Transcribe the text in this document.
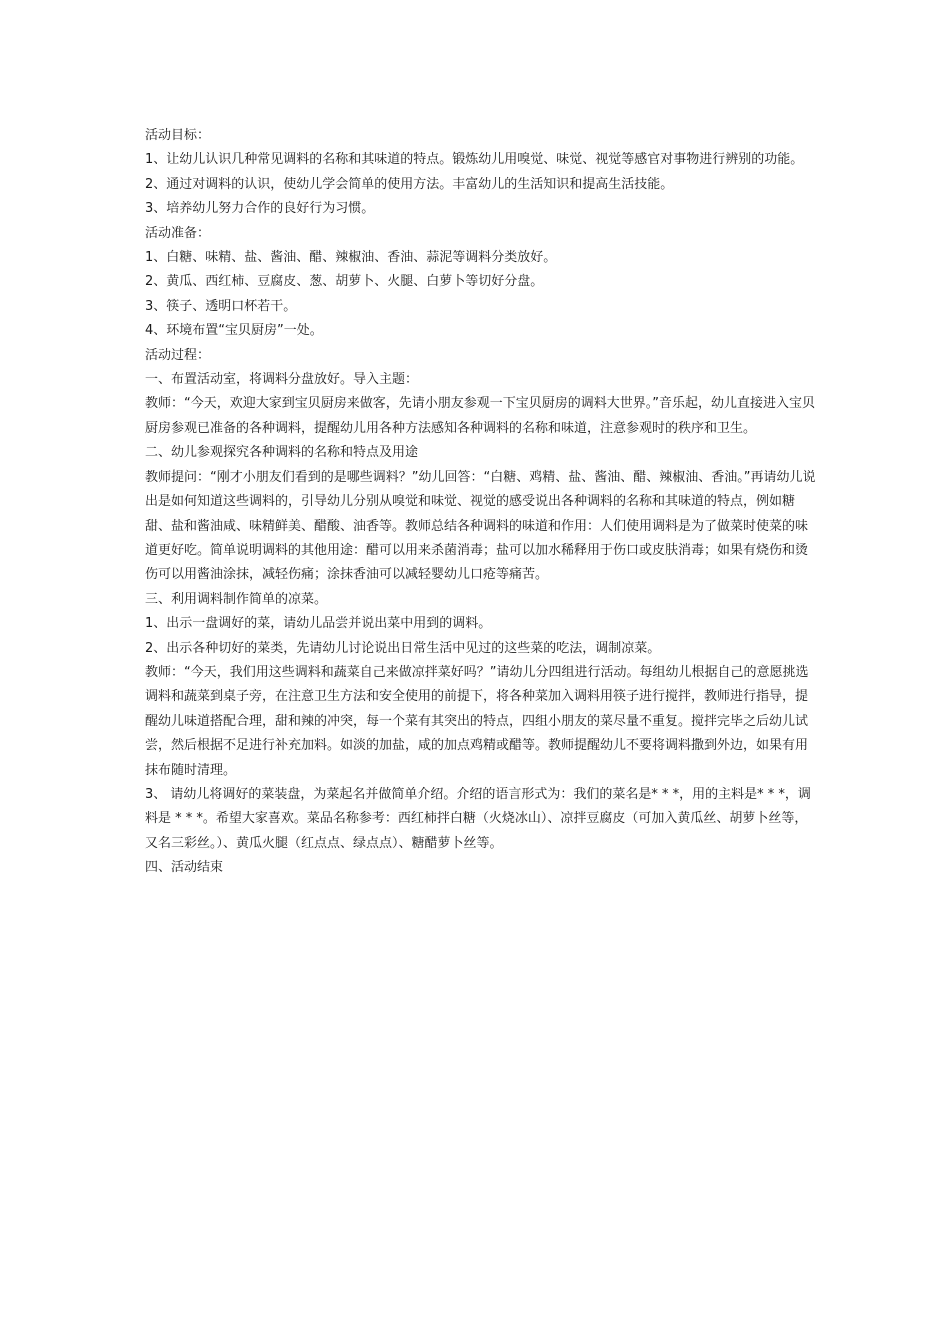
活动目标：

1、让幼儿认识几种常见调料的名称和其味道的特点。锻炼幼儿用嗅觉、味觉、视觉等感官对事物进行辨别的功能。

2、通过对调料的认识，使幼儿学会简单的使用方法。丰富幼儿的生活知识和提高生活技能。

3、培养幼儿努力合作的良好行为习惯。

活动准备：

1、白糖、味精、盐、酱油、醋、辣椒油、香油、蒜泥等调料分类放好。

2、黄瓜、西红柿、豆腐皮、葱、胡萝卜、火腿、白萝卜等切好分盘。

3、筷子、透明口杯若干。

4、环境布置“宝贝厨房”一处。

活动过程：

一、布置活动室，将调料分盘放好。导入主题：

教师：“今天，欢迎大家到宝贝厨房来做客，先请小朋友参观一下宝贝厨房的调料大世界。”音乐起，幼儿直接进入宝贝厨房参观已准备的各种调料，提醒幼儿用各种方法感知各种调料的名称和味道，注意参观时的秩序和卫生。

二、幼儿参观探究各种调料的名称和特点及用途

教师提问：“刚才小朋友们看到的是哪些调料？”幼儿回答：“白糖、鸡精、盐、酱油、醋、辣椒油、香油。”再请幼儿说出是如何知道这些调料的，引导幼儿分别从嗅觉和味觉、视觉的感受说出各种调料的名称和其味道的特点，例如糖甜、盐和酱油咸、味精鲜美、醋酸、油香等。教师总结各种调料的味道和作用：人们使用调料是为了做菜时使菜的味道更好吃。简单说明调料的其他用途：醋可以用来杀菌消毒；盐可以加水稀释用于伤口或皮肤消毒；如果有烧伤和烫伤可以用酱油涂抹，减轻伤痛；涂抹香油可以减轻婴幼儿口疮等痛苦。

三、利用调料制作简单的凉菜。

1、出示一盘调好的菜，请幼儿品尝并说出菜中用到的调料。

2、出示各种切好的菜类，先请幼儿讨论说出日常生活中见过的这些菜的吃法，调制凉菜。

教师：“今天，我们用这些调料和蔬菜自己来做凉拌菜好吗？”请幼儿分四组进行活动。每组幼儿根据自己的意愿挑选调料和蔬菜到桌子旁，在注意卫生方法和安全使用的前提下，将各种菜加入调料用筷子进行搅拌，教师进行指导，提醒幼儿味道搭配合理，甜和辣的冲突，每一个菜有其突出的特点，四组小朋友的菜尽量不重复。搅拌完毕之后幼儿试尝，然后根据不足进行补充加料。如淡的加盐，咸的加点鸡精或醋等。教师提醒幼儿不要将调料撒到外边，如果有用抹布随时清理。

3、 请幼儿将调好的菜装盘，为菜起名并做简单介绍。介绍的语言形式为：我们的菜名是* * *，用的主料是* * *，调料是 * * *。希望大家喜欢。菜品名称参考：西红柿拌白糖（火烧冰山）、凉拌豆腐皮（可加入黄瓜丝、胡萝卜丝等，又名三彩丝。）、黄瓜火腿（红点点、绿点点）、糖醋萝卜丝等。

四、活动结束
